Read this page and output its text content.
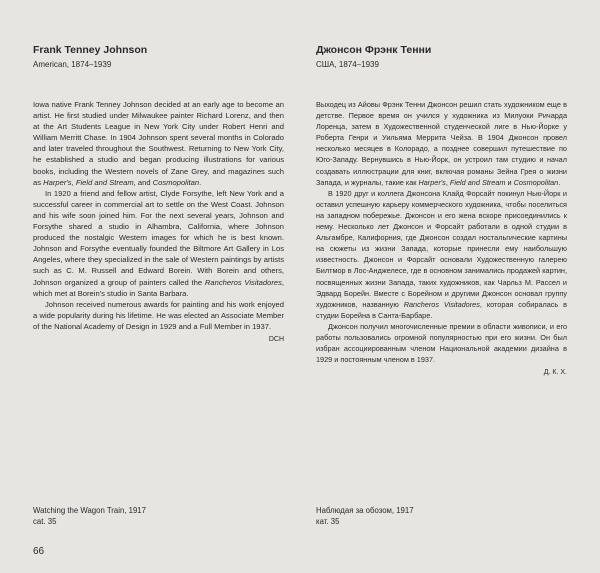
Frank Tenney Johnson

American, 1874–1939

Джонсон Фрэнк Тенни

США, 1874–1939

Iowa native Frank Tenney Johnson decided at an early age to become an artist. He first studied under Milwaukee painter Richard Lorenz, and then at the Art Students League in New York City under Robert Henri and William Merritt Chase. In 1904 Johnson spent several months in Colorado and later traveled throughout the Southwest. Returning to New York City, he established a studio and began producing illustrations for various books, including the Western novels of Zane Grey, and magazines such as Harper's, Field and Stream, and Cosmopolitan.

In 1920 a friend and fellow artist, Clyde Forsythe, left New York and a successful career in commercial art to settle on the West Coast. Johnson and his wife soon joined him. For the next several years, Johnson and Forsythe shared a studio in Alhambra, California, where Johnson produced the nostalgic Western images for which he is best known. Johnson and Forsythe eventually founded the Biltmore Art Gallery in Los Angeles, where they specialized in the sale of Western paintings by artists such as C. M. Russell and Edward Borein. With Borein and others, Johnson organized a group of painters called the Rancheros Visitadores, which met at Borein's studio in Santa Barbara.

Johnson received numerous awards for painting and his work enjoyed a wide popularity during his lifetime. He was elected an Associate Member of the National Academy of Design in 1929 and a Full Member in 1937.

DCH

Выходец из Айовы Фрэнк Тенни Джонсон решил стать художником еще в детстве. Первое время он учился у художника из Милуоки Ричарда Лоренца, затем в Художественной студенческой лиге в Нью-Йорке у Роберта Генри и Уильяма Меррита Чейза. В 1904 Джонсон провел несколько месяцев в Колорадо, а позднее совершил путешествие по Юго-Западу. Вернувшись в Нью-Йорк, он устроил там студию и начал создавать иллюстрации для книг, включая романы Зейна Грея о жизни Запада, и журналы, такие как Harper's, Field and Stream и Cosmopolitan.

В 1920 друг и коллега Джонсона Клайд Форсайт покинул Нью-Йорк и оставил успешную карьеру коммерческого художника, чтобы поселиться на западном побережье. Джонсон и его жена вскоре присоединились к нему. Несколько лет Джонсон и Форсайт работали в одной студии в Альгамбре, Калифорния, где Джонсон создал ностальгические картины на сюжеты из жизни Запада, которые принесли ему наибольшую известность. Джонсон и Форсайт основали Художественную галерею Билтмор в Лос-Анджелесе, где в основном занимались продажей картин, посвященных жизни Запада, таких художников, как Чарльз М. Рассел и Эдвард Борейн. Вместе с Борейном и другими Джонсон основал группу художников, названную Rancheros Visitadores, которая собиралась в студии Борейна в Санта-Барбаре.

Джонсон получил многочисленные премии в области живописи, и его работы пользовались огромной популярностью при его жизни. Он был избран ассоциированным членом Национальной академии дизайна в 1929 и постоянным членом в 1937.

Д. К. Х.
Watching the Wagon Train, 1917
cat. 35
Наблюдая за обозом, 1917
кат. 35
66
